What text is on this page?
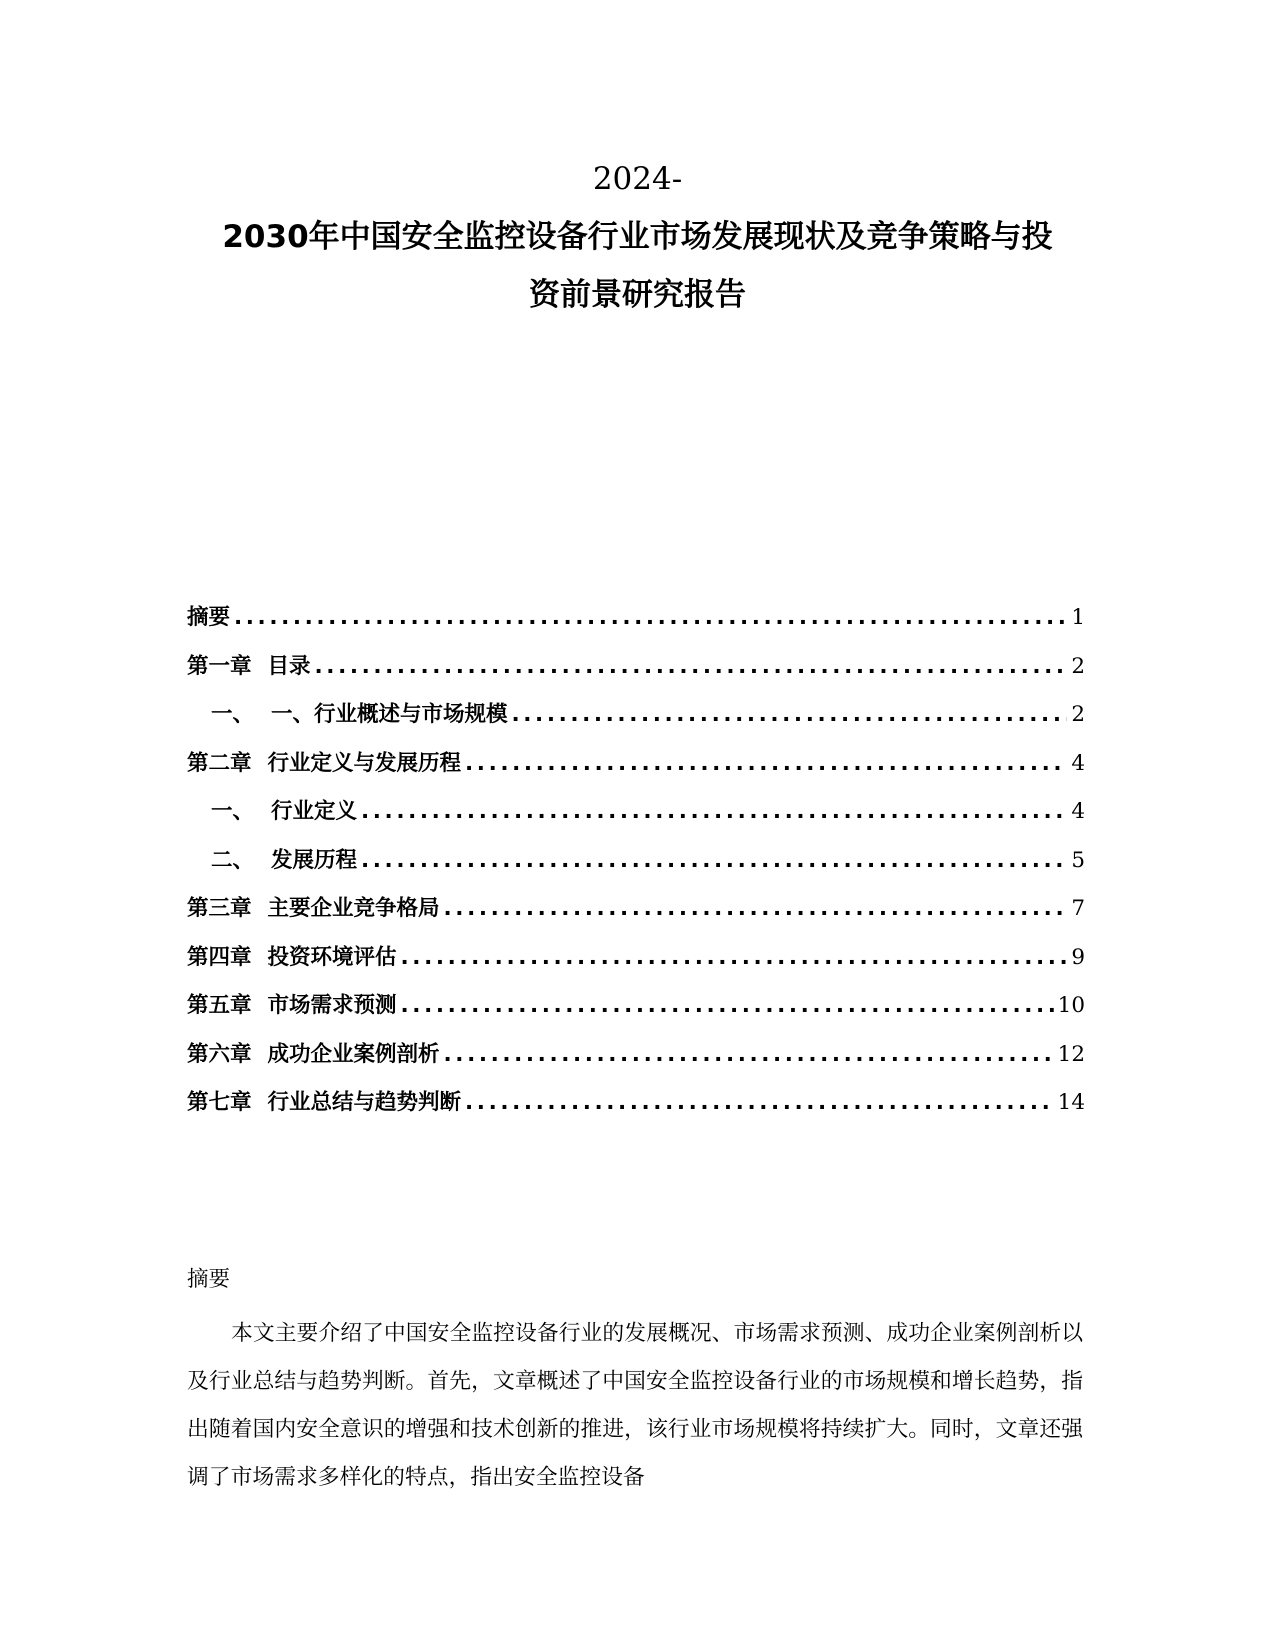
2024-
2030年中国安全监控设备行业市场发展现状及竞争策略与投
资前景研究报告
摘要 .....	1
第一章 目录 .....	2
一、 一、行业概述与市场规模 .....	2
第二章 行业定义与发展历程 .....	4
一、 行业定义 .....	4
二、 发展历程 .....	5
第三章 主要企业竞争格局 .....	7
第四章 投资环境评估 .....	9
第五章 市场需求预测 .....	10
第六章 成功企业案例剖析 .....	12
第七章 行业总结与趋势判断 .....	14
摘要
本文主要介绍了中国安全监控设备行业的发展概况、市场需求预测、成功企业案例剖析以及行业总结与趋势判断。首先，文章概述了中国安全监控设备行业的市场规模和增长趋势，指出随着国内安全意识的增强和技术创新的推进，该行业市场规模将持续扩大。同时，文章还强调了市场需求多样化的特点，指出安全监控设备
